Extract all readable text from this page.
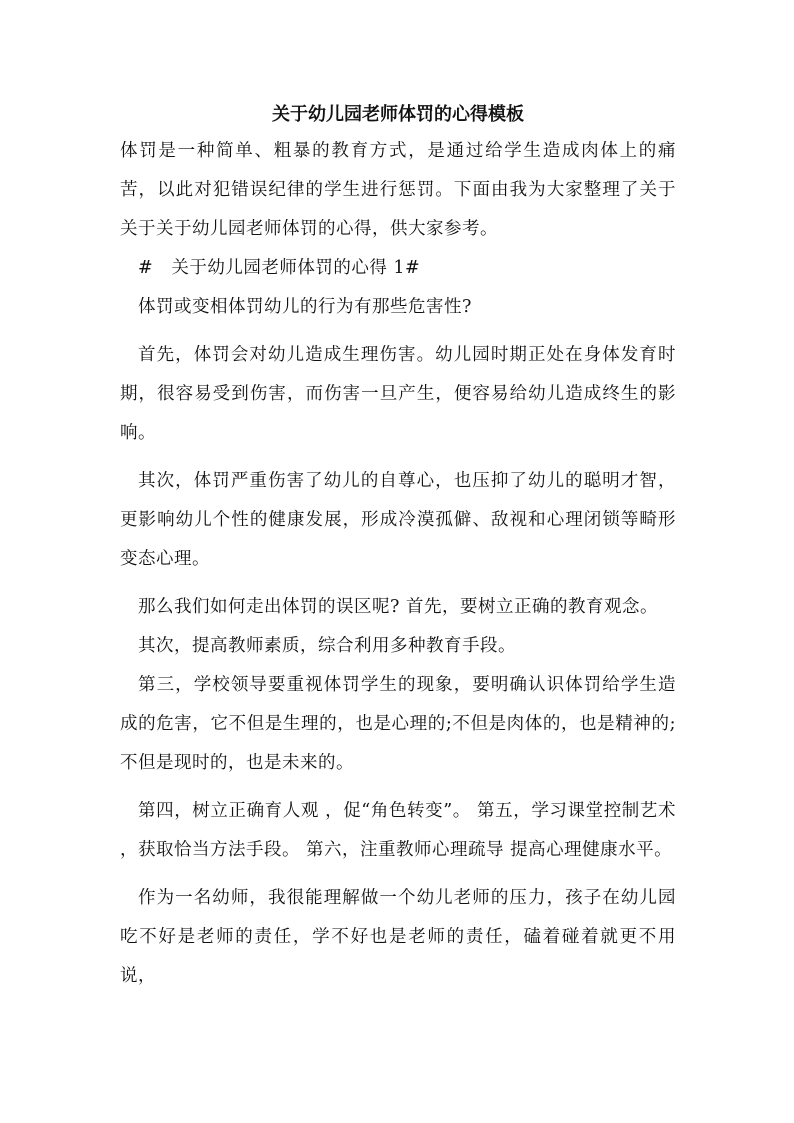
关于幼儿园老师体罚的心得模板

体罚是一种简单、粗暴的教育方式，是通过给学生造成肉体上的痛苦，以此对犯错误纪律的学生进行惩罚。下面由我为大家整理了关于关于关于幼儿园老师体罚的心得，供大家参考。

#   关于幼儿园老师体罚的心得 1#

体罚或变相体罚幼儿的行为有那些危害性?

首先，体罚会对幼儿造成生理伤害。幼儿园时期正处在身体发育时期，很容易受到伤害，而伤害一旦产生，便容易给幼儿造成终生的影响。

其次，体罚严重伤害了幼儿的自尊心，也压抑了幼儿的聪明才智，更影响幼儿个性的健康发展，形成冷漠孤僻、敌视和心理闭锁等畸形变态心理。

那么我们如何走出体罚的误区呢? 首先，要树立正确的教育观念。

其次，提高教师素质，综合利用多种教育手段。

第三，学校领导要重视体罚学生的现象，要明确认识体罚给学生造成的危害，它不但是生理的，也是心理的;不但是肉体的，也是精神的;不但是现时的，也是未来的。

第四，树立正确育人观 ，促“角色转变”。 第五，学习课堂控制艺术 ，获取恰当方法手段。 第六，注重教师心理疏导 提高心理健康水平。

作为一名幼师，我很能理解做一个幼儿老师的压力，孩子在幼儿园吃不好是老师的责任，学不好也是老师的责任，磕着碰着就更不用说，
